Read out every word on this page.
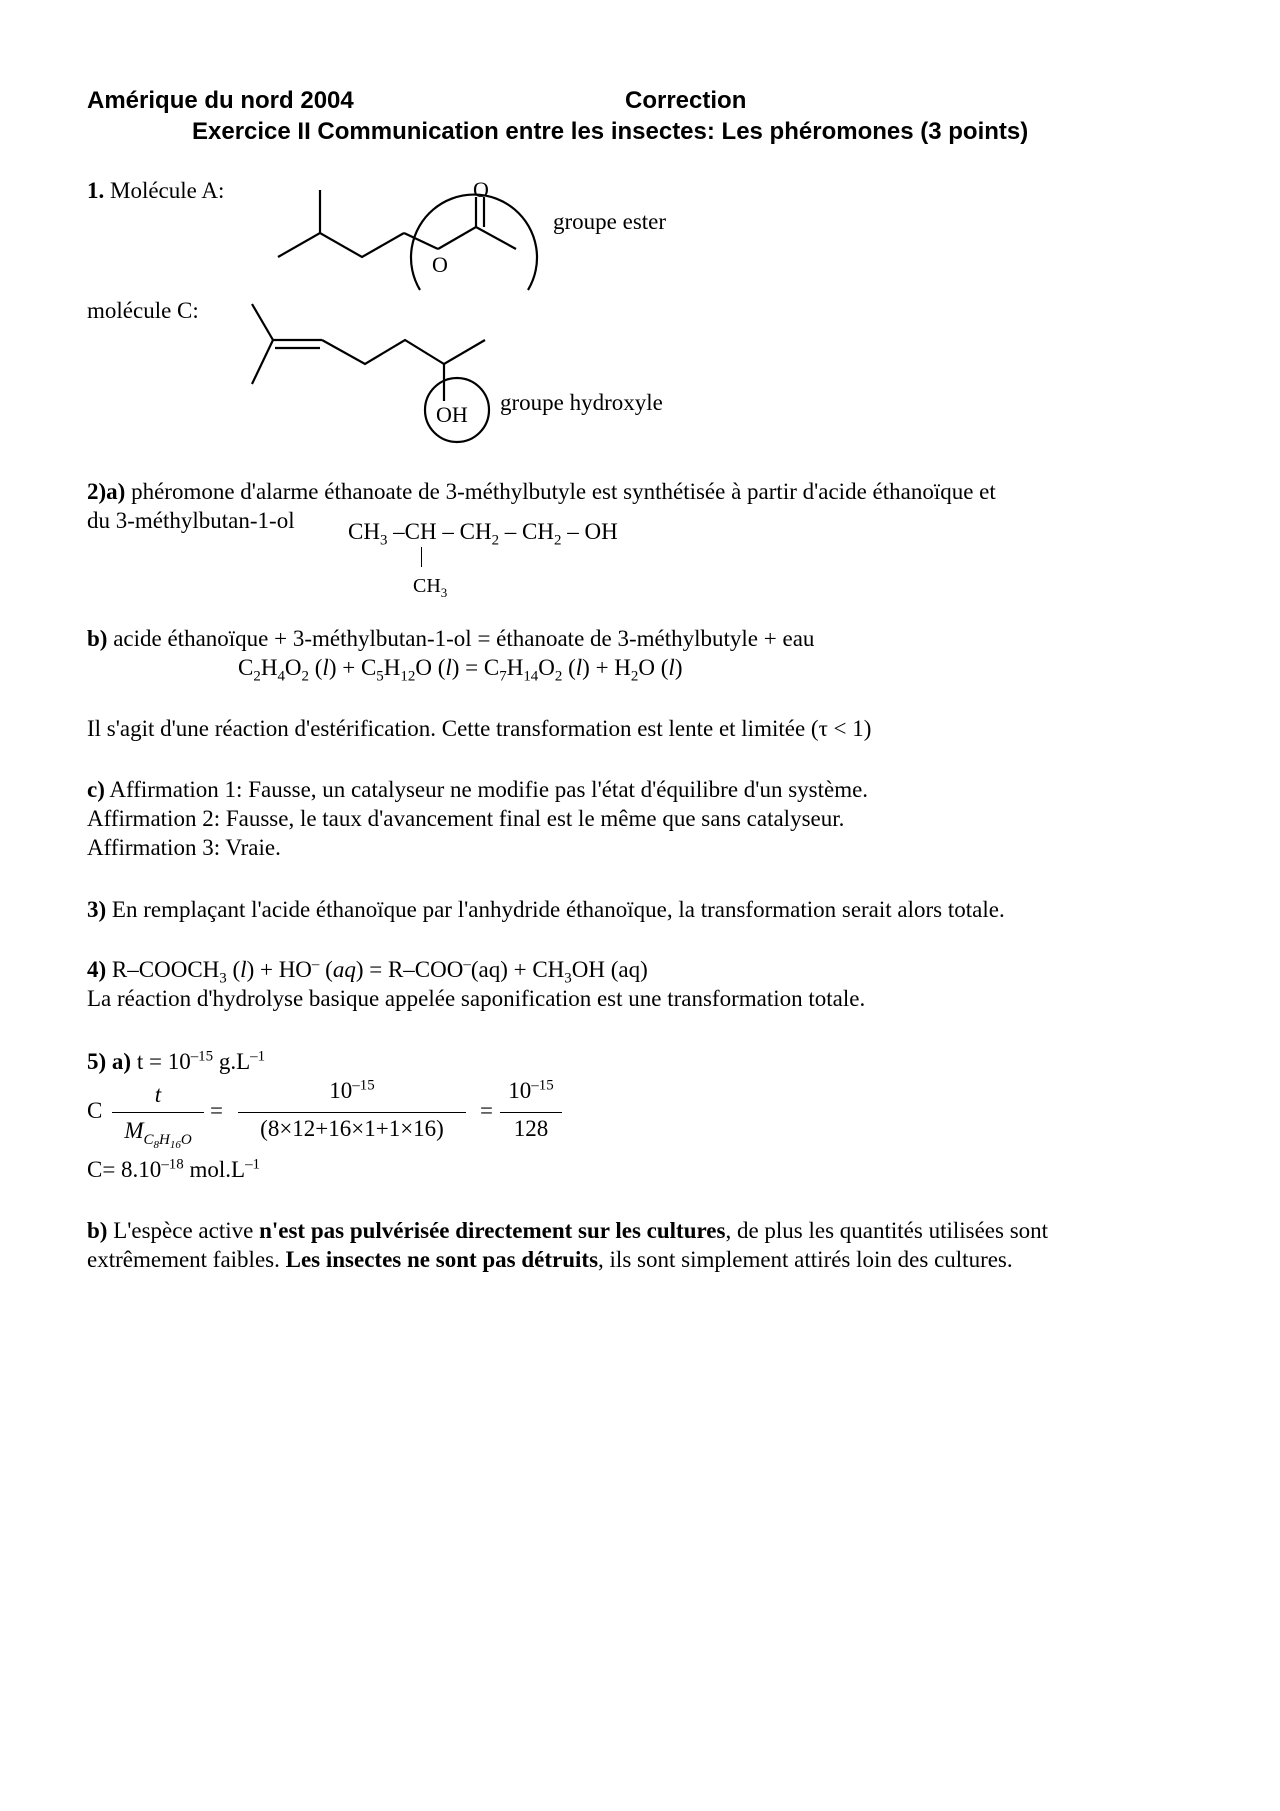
Amérique du nord 2004	Correction
Exercice II Communication entre les insectes: Les phéromones (3 points)
1. Molécule A:	O
O
groupe ester
molécule C:
OH groupe hydroxyle
2)a) phéromone d'alarme éthanoate de 3-méthylbutyle est synthétisée à partir d'acide éthanoïque et
du 3-méthylbutan-1-ol $CH_3$ $-CH - CH_2 - CH_2$ – OH
$CH_3$
b) acide éthanoïque + 3-méthylbutan-1-ol = éthanoate de 3-méthylbutyle + eau
$C_2H_4O_2$ $(l) + C_5H_{12}O$ $(l) = C_7H_{14}O_2$ $(l) + H_2O$ (l)
Il s'agit d'une réaction d'estérification. Cette transformation est lente et limitée (τ < 1)
c) Affirmation 1: Fausse, un catalyseur ne modifie pas l'état d'équilibre d'un système.
Affirmation 2: Fausse, le taux d'avancement final est le même que sans catalyseur.
Affirmation 3: Vraie.
3) En remplaçant l'acide éthanoïque par l'anhydride éthanoïque, la transformation serait alors totale.
4) $R-COOCH_3$ (l) + HO– $(aq) = R-COO^-(aq) + CH_3OH$ (aq)
La réaction d'hydrolyse basique appelée saponification est une transformation totale.
5) a) $t = 10^{-15}$ $g.L^{-1}$
C
t
$M_{C_8H_{16}O}$
=
$10^{-15}$
(8×12+16×1+1×16)
=
$10^{-15}$
128
$C= 8.10^{-18}$ $mol.L^{-1}$
b) L'espèce active n'est pas pulvérisée directement sur les cultures, de plus les quantités utilisées sont
extrêmement faibles. Les insectes ne sont pas détruits, ils sont simplement attirés loin des cultures.
